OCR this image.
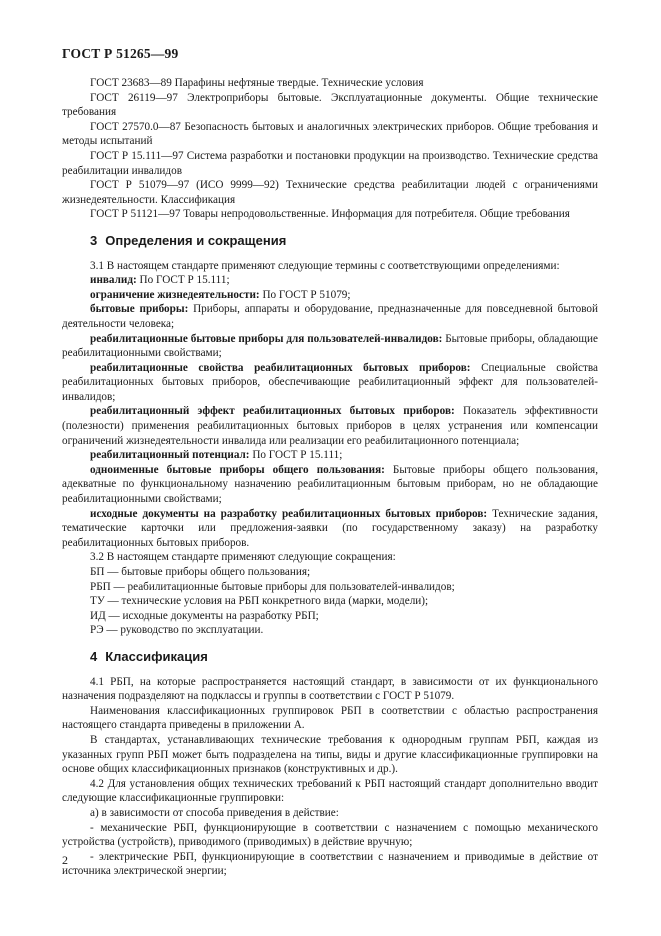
ГОСТ Р 51265—99

ГОСТ 23683—89 Парафины нефтяные твердые. Технические условия

ГОСТ 26119—97 Электроприборы бытовые. Эксплуатационные документы. Общие технические требования

ГОСТ 27570.0—87 Безопасность бытовых и аналогичных электрических приборов. Общие требования и методы испытаний

ГОСТ Р 15.111—97 Система разработки и постановки продукции на производство. Технические средства реабилитации инвалидов

ГОСТ Р 51079—97 (ИСО 9999—92) Технические средства реабилитации людей с ограничениями жизнедеятельности. Классификация

ГОСТ Р 51121—97 Товары непродовольственные. Информация для потребителя. Общие требования

3 Определения и сокращения

3.1 В настоящем стандарте применяют следующие термины с соответствующими определениями:

инвалид: По ГОСТ Р 15.111;

ограничение жизнедеятельности: По ГОСТ Р 51079;

бытовые приборы: Приборы, аппараты и оборудование, предназначенные для повседневной бытовой деятельности человека;

реабилитационные бытовые приборы для пользователей-инвалидов: Бытовые приборы, обладающие реабилитационными свойствами;

реабилитационные свойства реабилитационных бытовых приборов: Специальные свойства реабилитационных бытовых приборов, обеспечивающие реабилитационный эффект для пользователей-инвалидов;

реабилитационный эффект реабилитационных бытовых приборов: Показатель эффективности (полезности) применения реабилитационных бытовых приборов в целях устранения или компенсации ограничений жизнедеятельности инвалида или реализации его реабилитационного потенциала;

реабилитационный потенциал: По ГОСТ Р 15.111;

одноименные бытовые приборы общего пользования: Бытовые приборы общего пользования, адекватные по функциональному назначению реабилитационным бытовым приборам, но не обладающие реабилитационными свойствами;

исходные документы на разработку реабилитационных бытовых приборов: Технические задания, тематические карточки или предложения-заявки (по государственному заказу) на разработку реабилитационных бытовых приборов.

3.2 В настоящем стандарте применяют следующие сокращения:

БП — бытовые приборы общего пользования;

РБП — реабилитационные бытовые приборы для пользователей-инвалидов;

ТУ — технические условия на РБП конкретного вида (марки, модели);

ИД — исходные документы на разработку РБП;

РЭ — руководство по эксплуатации.

4 Классификация

4.1 РБП, на которые распространяется настоящий стандарт, в зависимости от их функционального назначения подразделяют на подклассы и группы в соответствии с ГОСТ Р 51079.

Наименования классификационных группировок РБП в соответствии с областью распространения настоящего стандарта приведены в приложении А.

В стандартах, устанавливающих технические требования к однородным группам РБП, каждая из указанных групп РБП может быть подразделена на типы, виды и другие классификационные группировки на основе общих классификационных признаков (конструктивных и др.).

4.2 Для установления общих технических требований к РБП настоящий стандарт дополнительно вводит следующие классификационные группировки:

а) в зависимости от способа приведения в действие:

- механические РБП, функционирующие в соответствии с назначением с помощью механического устройства (устройств), приводимого (приводимых) в действие вручную;

- электрические РБП, функционирующие в соответствии с назначением и приводимые в действие от источника электрической энергии;

2
